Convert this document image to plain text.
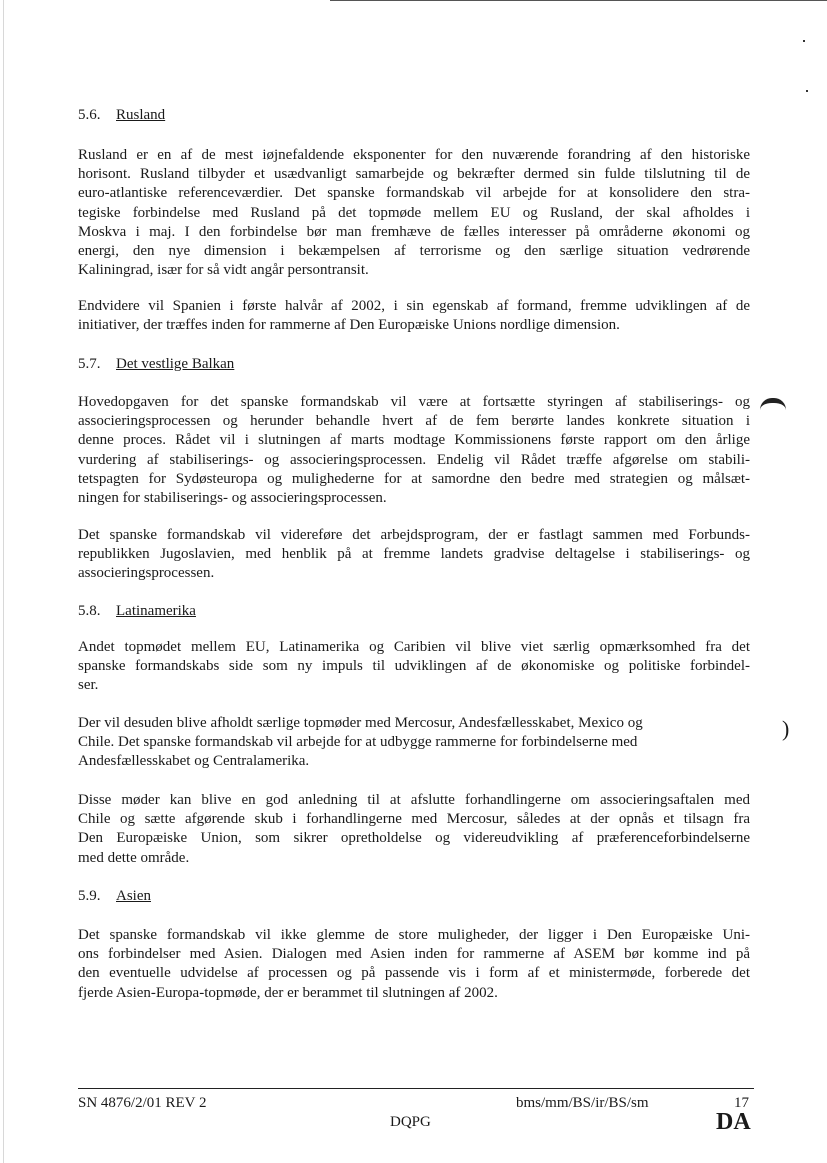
)
5.6. Rusland
Rusland er en af de mest iøjnefaldende eksponenter for den nuværende forandring af den historiske
horisont. Rusland tilbyder et usædvanligt samarbejde og bekræfter dermed sin fulde tilslutning til de
euro-atlantiske referenceværdier. Det spanske formandskab vil arbejde for at konsolidere den stra-
tegiske forbindelse med Rusland på det topmøde mellem EU og Rusland, der skal afholdes i
Moskva i maj. I den forbindelse bør man fremhæve de fælles interesser på områderne økonomi og
energi, den nye dimension i bekæmpelsen af terrorisme og den særlige situation vedrørende
Kaliningrad, især for så vidt angår persontransit.
Endvidere vil Spanien i første halvår af 2002, i sin egenskab af formand, fremme udviklingen af de
initiativer, der træffes inden for rammerne af Den Europæiske Unions nordlige dimension.
5.7. Det vestlige Balkan
Hovedopgaven for det spanske formandskab vil være at fortsætte styringen af stabiliserings- og
associeringsprocessen og herunder behandle hvert af de fem berørte landes konkrete situation i
denne proces. Rådet vil i slutningen af marts modtage Kommissionens første rapport om den årlige
vurdering af stabiliserings- og associeringsprocessen. Endelig vil Rådet træffe afgørelse om stabili-
tetspagten for Sydøsteuropa og mulighederne for at samordne den bedre med strategien og målsæt-
ningen for stabiliserings- og associeringsprocessen.
Det spanske formandskab vil videreføre det arbejdsprogram, der er fastlagt sammen med Forbunds-
republikken Jugoslavien, med henblik på at fremme landets gradvise deltagelse i stabiliserings- og
associeringsprocessen.
5.8. Latinamerika
Andet topmødet mellem EU, Latinamerika og Caribien vil blive viet særlig opmærksomhed fra det
spanske formandskabs side som ny impuls til udviklingen af de økonomiske og politiske forbindel-
ser.
Der vil desuden blive afholdt særlige topmøder med Mercosur, Andesfællesskabet, Mexico og
Chile. Det spanske formandskab vil arbejde for at udbygge rammerne for forbindelserne med
Andesfællesskabet og Centralamerika.
Disse møder kan blive en god anledning til at afslutte forhandlingerne om associeringsaftalen med
Chile og sætte afgørende skub i forhandlingerne med Mercosur, således at der opnås et tilsagn fra
Den Europæiske Union, som sikrer opretholdelse og videreudvikling af præferenceforbindelserne
med dette område.
5.9. Asien
Det spanske formandskab vil ikke glemme de store muligheder, der ligger i Den Europæiske Uni-
ons forbindelser med Asien. Dialogen med Asien inden for rammerne af ASEM bør komme ind på
den eventuelle udvidelse af processen og på passende vis i form af et ministermøde, forberede det
fjerde Asien-Europa-topmøde, der er berammet til slutningen af 2002.
SN 4876/2/01 REV 2	bms/mm/BS/ir/BS/sm	17
DQPG	DA
